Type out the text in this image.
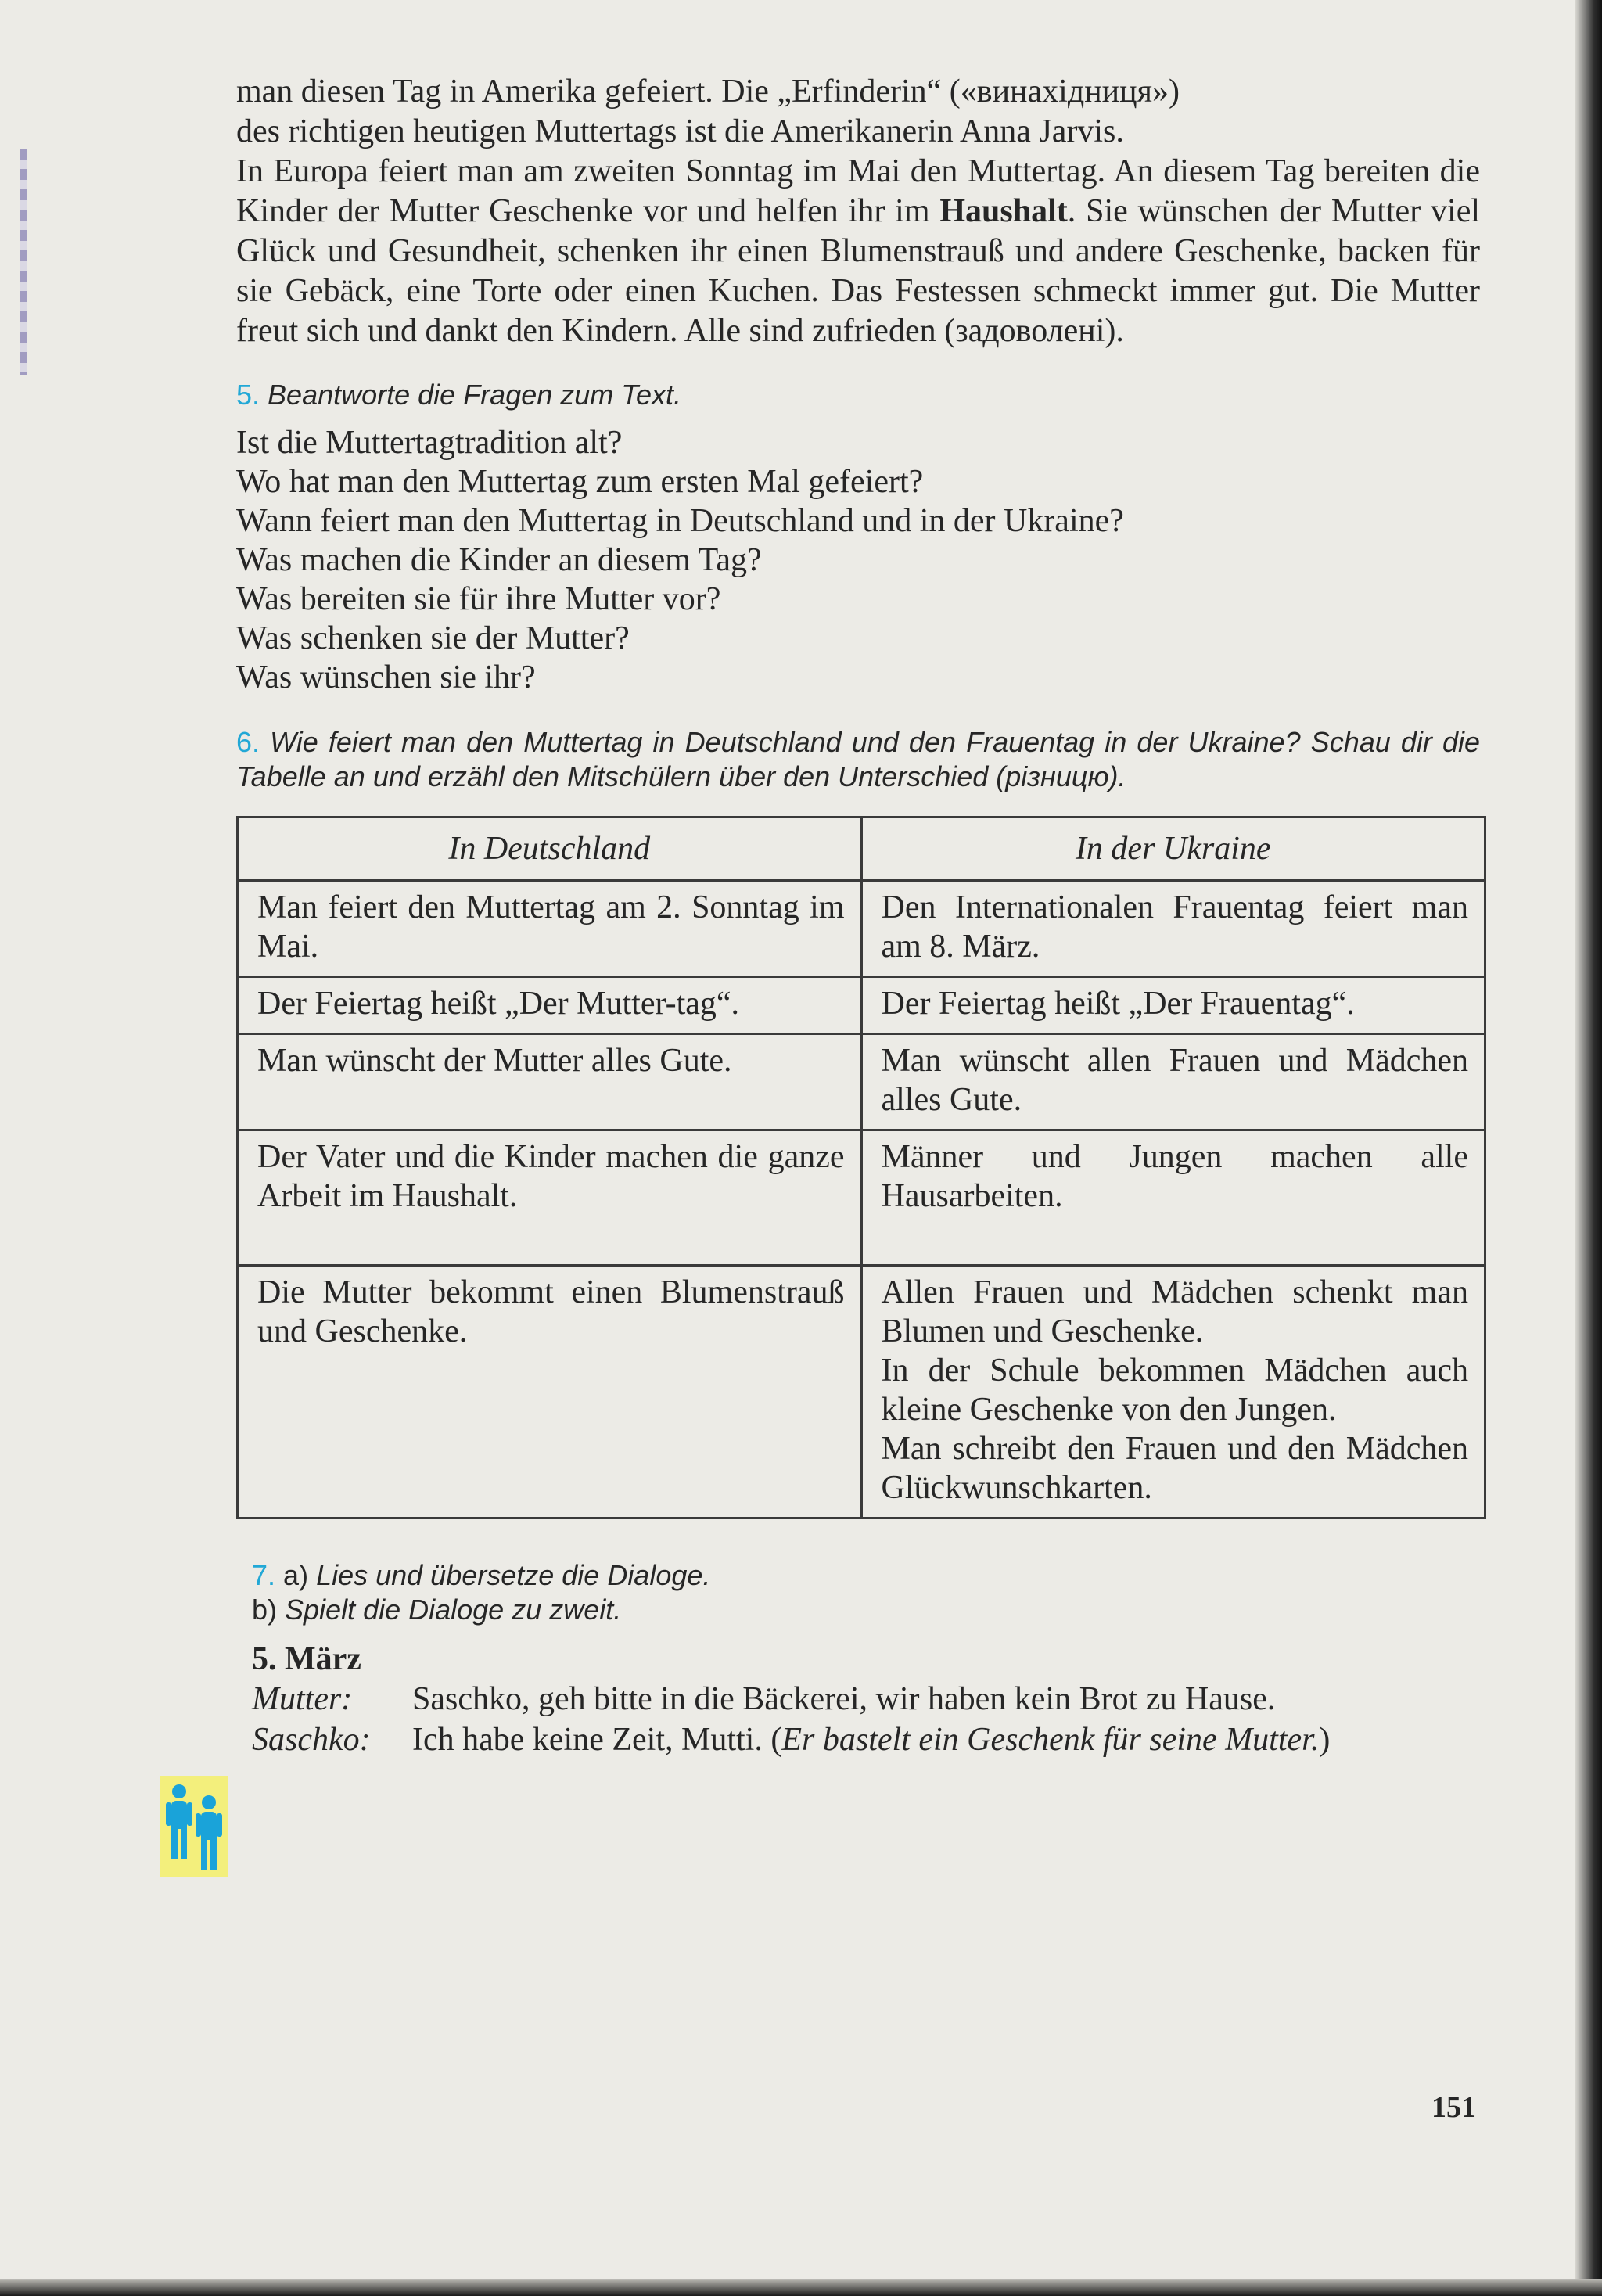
man diesen Tag in Amerika gefeiert. Die „Erfinderin“ («винахідниця»)
des richtigen heutigen Muttertags ist die Amerikanerin Anna Jarvis.
In Europa feiert man am zweiten Sonntag im Mai den Muttertag. An diesem Tag bereiten die Kinder der Mutter Geschenke vor und helfen ihr im Haushalt. Sie wünschen der Mutter viel Glück und Gesundheit, schenken ihr einen Blumenstrauß und andere Geschenke, backen für sie Gebäck, eine Torte oder einen Kuchen. Das Festessen schmeckt immer gut. Die Mutter freut sich und dankt den Kindern. Alle sind zufrieden (задоволені).

5. Beantworte die Fragen zum Text.

Ist die Muttertagtradition alt?
Wo hat man den Muttertag zum ersten Mal gefeiert?
Wann feiert man den Muttertag in Deutschland und in der Ukraine?
Was machen die Kinder an diesem Tag?
Was bereiten sie für ihre Mutter vor?
Was schenken sie der Mutter?
Was wünschen sie ihr?

6. Wie feiert man den Muttertag in Deutschland und den Frauentag in der Ukraine? Schau dir die Tabelle an und erzähl den Mitschülern über den Unterschied (різницю).

In Deutschland	In der Ukraine
Man feiert den Muttertag am 2. Sonntag im Mai.	Den Internationalen Frauentag feiert man am 8. März.
Der Feiertag heißt „Der Mutter-tag“.	Der Feiertag heißt „Der Frauentag“.
Man wünscht der Mutter alles Gute.	Man wünscht allen Frauen und Mädchen alles Gute.
Der Vater und die Kinder machen die ganze Arbeit im Haushalt.	Männer und Jungen machen alle Hausarbeiten.
Die Mutter bekommt einen Blumenstrauß und Geschenke.	Allen Frauen und Mädchen schenkt man Blumen und Geschenke.
In der Schule bekommen Mädchen auch kleine Geschenke von den Jungen.
Man schreibt den Frauen und den Mädchen Glückwunschkarten.
7. a) Lies und übersetze die Dialoge.
b) Spielt die Dialoge zu zweit.
5. März
Mutter:	Saschko, geh bitte in die Bäckerei, wir haben kein Brot zu Hause.
Saschko:	Ich habe keine Zeit, Mutti. (Er bastelt ein Geschenk für seine Mutter.)
151
